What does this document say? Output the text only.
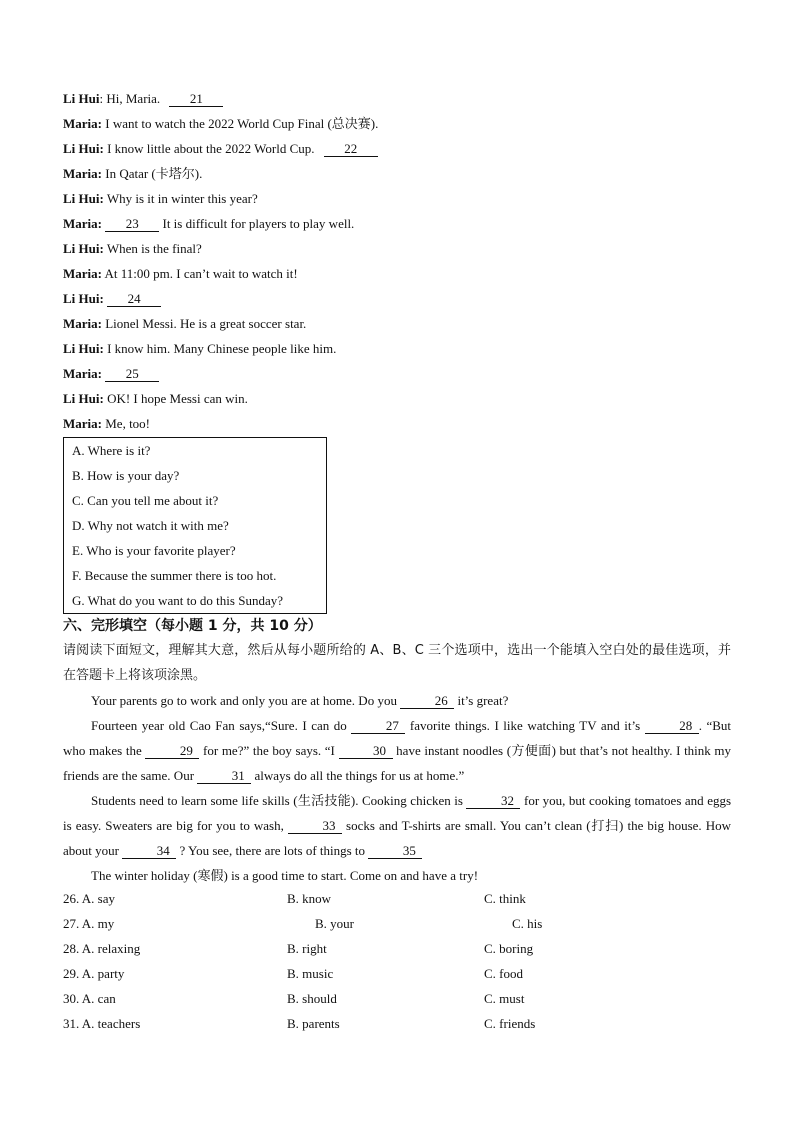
Li Hui: Hi, Maria. 21
Maria: I want to watch the 2022 World Cup Final (总决赛).
Li Hui: I know little about the 2022 World Cup. 22
Maria: In Qatar (卡塔尔).
Li Hui: Why is it in winter this year?
Maria: 23 It is difficult for players to play well.
Li Hui: When is the final?
Maria: At 11:00 pm. I can’t wait to watch it!
Li Hui: 24
Maria: Lionel Messi. He is a great soccer star.
Li Hui: I know him. Many Chinese people like him.
Maria: 25
Li Hui: OK! I hope Messi can win.
Maria: Me, too!
A. Where is it?
B. How is your day?
C. Can you tell me about it?
D. Why not watch it with me?
E. Who is your favorite player?
F. Because the summer there is too hot.
G. What do you want to do this Sunday?
六、完形填空（每小题 1 分，共 10 分）
请阅读下面短文，理解其大意，然后从每小题所给的 A、B、C 三个选项中，选出一个能填入空白处的最佳选项，并在答题卡上将该项涂黑。
Your parents go to work and only you are at home. Do you	26 it’s great?
Fourteen year old Cao Fan says,“Sure. I can do	27 favorite things. I like watching TV and it’s	28 . “But who makes the	29 for me?” the boy says. “I	30 have instant noodles (方便面) but that’s not healthy. I think my friends are the same. Our	31 always do all the things for us at home.”
Students need to learn some life skills (生活技能). Cooking chicken is	32 for you, but cooking tomatoes and eggs is easy. Sweaters are big for you to wash,	33 socks and T-shirts are small. You can’t clean (打扫) the big house. How about your	34 ? You see, there are lots of things to	35
The winter holiday (寒假) is a good time to start. Come on and have a try!
26. A. say	B. know	C. think
27. A. my	B. your	C. his
28. A. relaxing	B. right	C. boring
29. A. party	B. music	C. food
30. A. can	B. should	C. must
31. A. teachers	B. parents	C. friends
